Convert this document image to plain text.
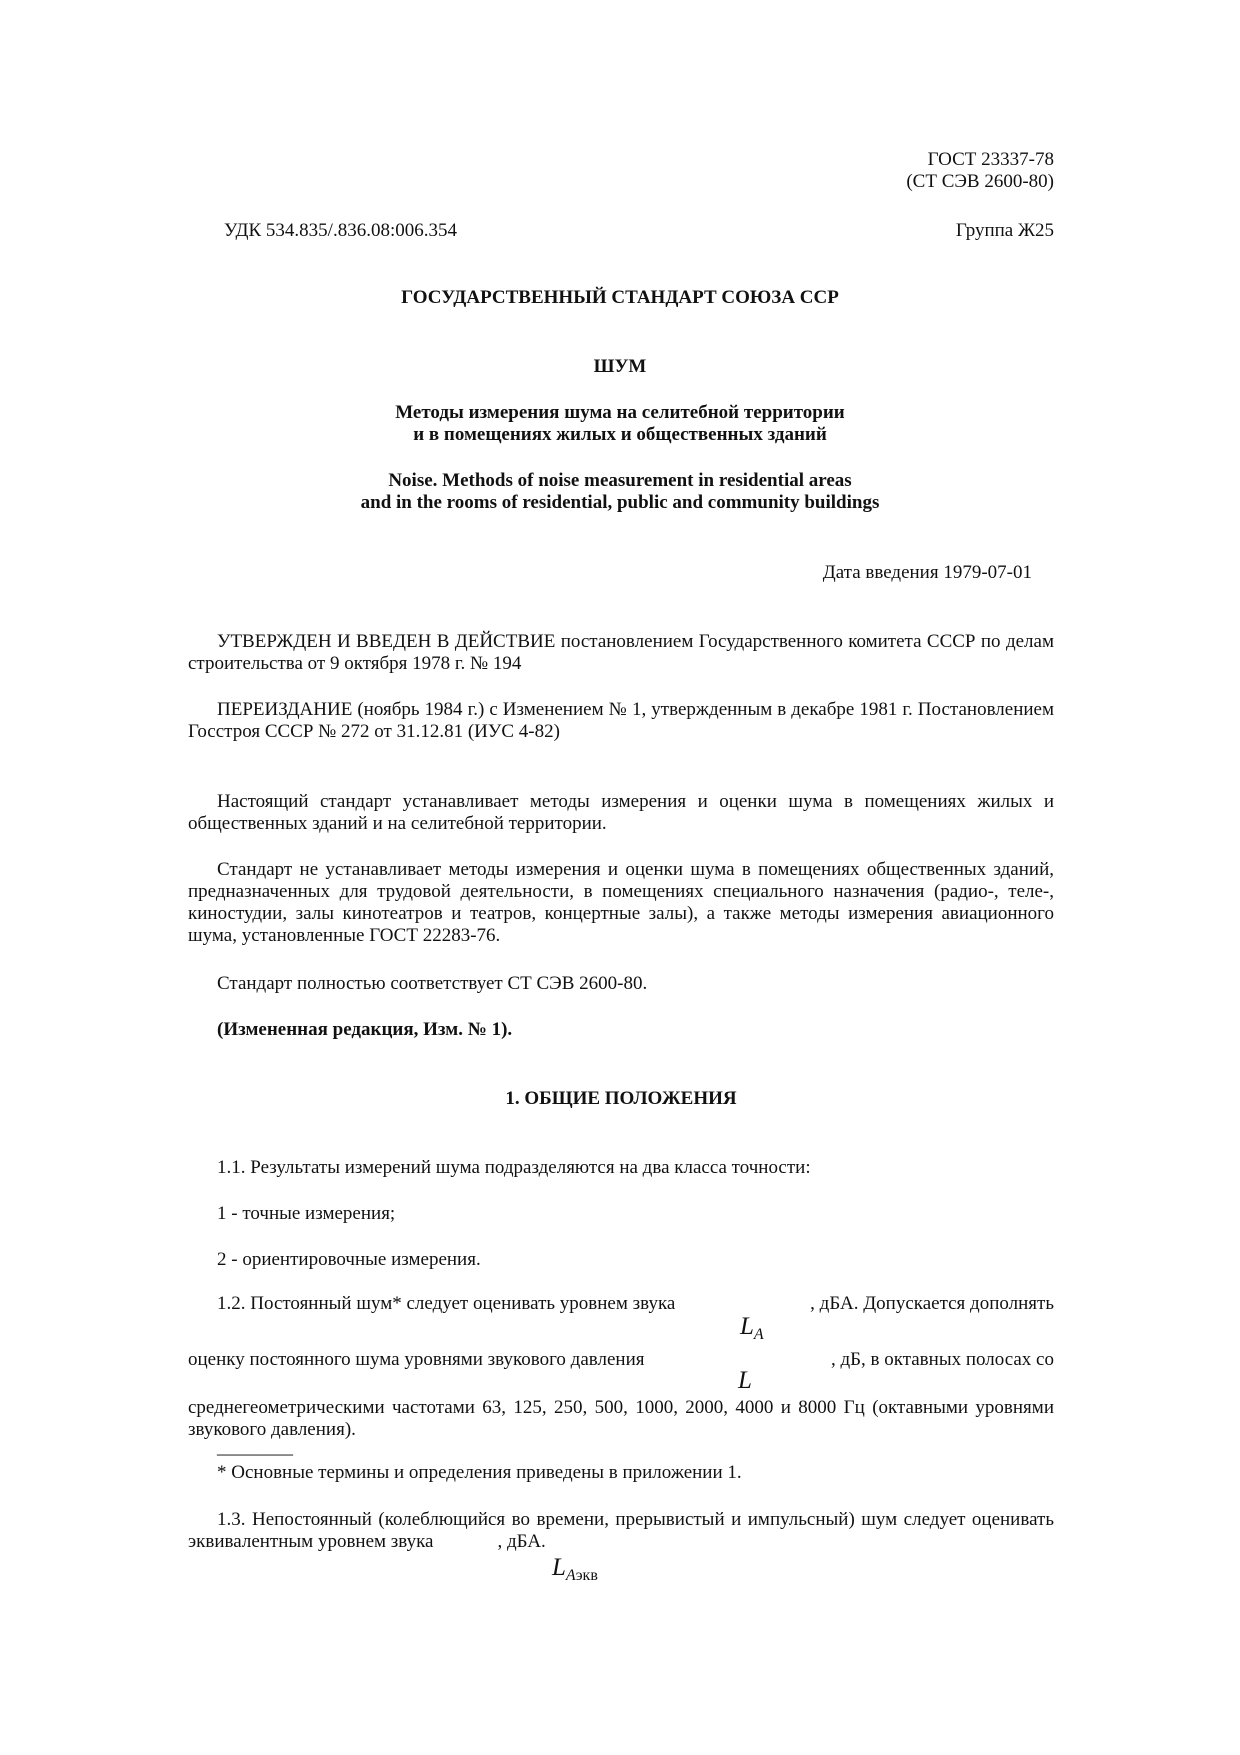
ГОСТ 23337-78
(СТ СЭВ 2600-80)
УДК 534.835/.836.08:006.354	Группа Ж25
ГОСУДАРСТВЕННЫЙ СТАНДАРТ СОЮЗА ССР
ШУМ
Методы измерения шума на селитебной территории
и в помещениях жилых и общественных зданий
Noise. Methods of noise measurement in residential areas
and in the rooms of residential, public and community buildings
Дата введения 1979-07-01
УТВЕРЖДЕН И ВВЕДЕН В ДЕЙСТВИЕ постановлением Государственного комитета СССР по делам строительства от 9 октября 1978 г. № 194
ПЕРЕИЗДАНИЕ (ноябрь 1984 г.) с Изменением № 1, утвержденным в декабре 1981 г. Постановлением Госстроя СССР № 272 от 31.12.81 (ИУС 4-82)
Настоящий стандарт устанавливает методы измерения и оценки шума в помещениях жилых и общественных зданий и на селитебной территории.
Стандарт не устанавливает методы измерения и оценки шума в помещениях общественных зданий, предназначенных для трудовой деятельности, в помещениях специального назначения (радио-, теле-, киностудии, залы кинотеатров и театров, концертные залы), а также методы измерения авиационного шума, установленные ГОСТ 22283-76.
Стандарт полностью соответствует СТ СЭВ 2600-80.
(Измененная редакция, Изм. № 1).
1. ОБЩИЕ ПОЛОЖЕНИЯ
1.1. Результаты измерений шума подразделяются на два класса точности:
1 - точные измерения;
2 - ориентировочные измерения.
1.2. Постоянный шум* следует оценивать уровнем звука	, дБА. Допускается дополнять
$L_A$
оценку постоянного шума уровнями звукового давления	, дБ, в октавных полосах со
L
среднегеометрическими частотами 63, 125, 250, 500, 1000, 2000, 4000 и 8000 Гц (октавными уровнями звукового давления).
________
* Основные термины и определения приведены в приложении 1.
1.3. Непостоянный (колеблющийся во времени, прерывистый и импульсный) шум следует оценивать эквивалентным уровнем звука	, дБА.
$L_{Aэкв}$
